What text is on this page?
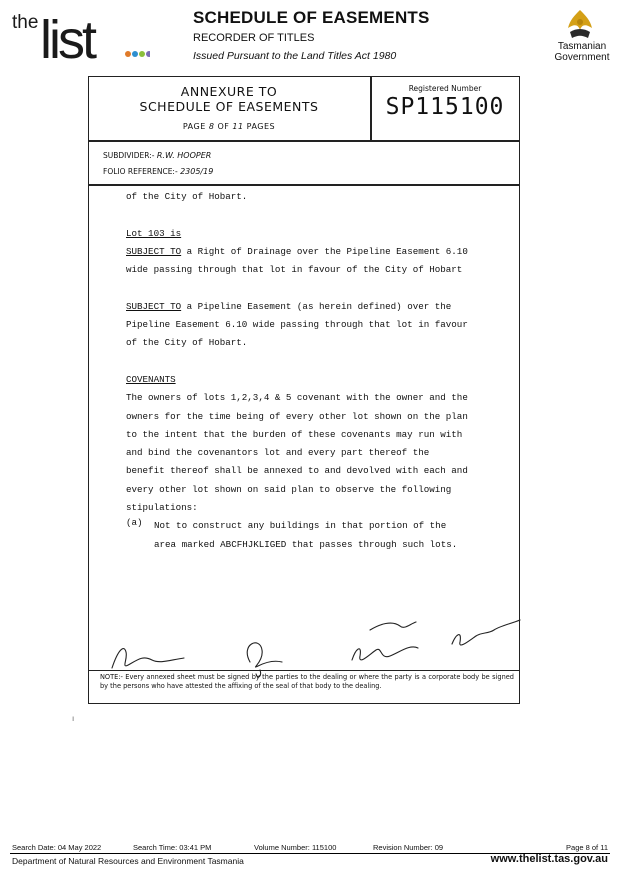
the list	SCHEDULE OF EASEMENTS
RECORDER OF TITLES
Issued Pursuant to the Land Titles Act 1980
Tasmanian
Government
ANNEXURE TO
SCHEDULE OF EASEMENTS
PAGE 8 OF 11 PAGES
Registered Number
SP115100
SUBDIVIDER:- R.W. HOOPER
FOLIO REFERENCE:- 2305/19

of the City of Hobart.

Lot 103 is

SUBJECT TO a Right of Drainage over the Pipeline Easement 6.10

wide passing through that lot in favour of the City of Hobart

SUBJECT TO a Pipeline Easement (as herein defined) over the

Pipeline Easement 6.10 wide passing through that lot in favour

of the City of Hobart.

COVENANTS

The owners of lots 1,2,3,4 & 5 covenant with the owner and the

owners for the time being of every other lot shown on the plan

to the intent that the burden of these covenants may run with

and bind the covenantors lot and every part thereof the

benefit thereof shall be annexed to and devolved with each and

every other lot shown on said plan to observe the following

stipulations:

(a)	Not to construct any buildings in that portion of the

area marked ABCFHJKLIGED that passes through such lots.

NOTE:- Every annexed sheet must be signed by the parties to the dealing or where the party is a corporate body be signed by the persons who have attested the affixing of the seal of that body to the dealing.
ı
Search Date: 04 May 2022	Search Time: 03:41 PM	Volume Number: 115100	Revision Number: 09	Page 8 of 11
Department of Natural Resources and Environment Tasmania	www.thelist.tas.gov.au
